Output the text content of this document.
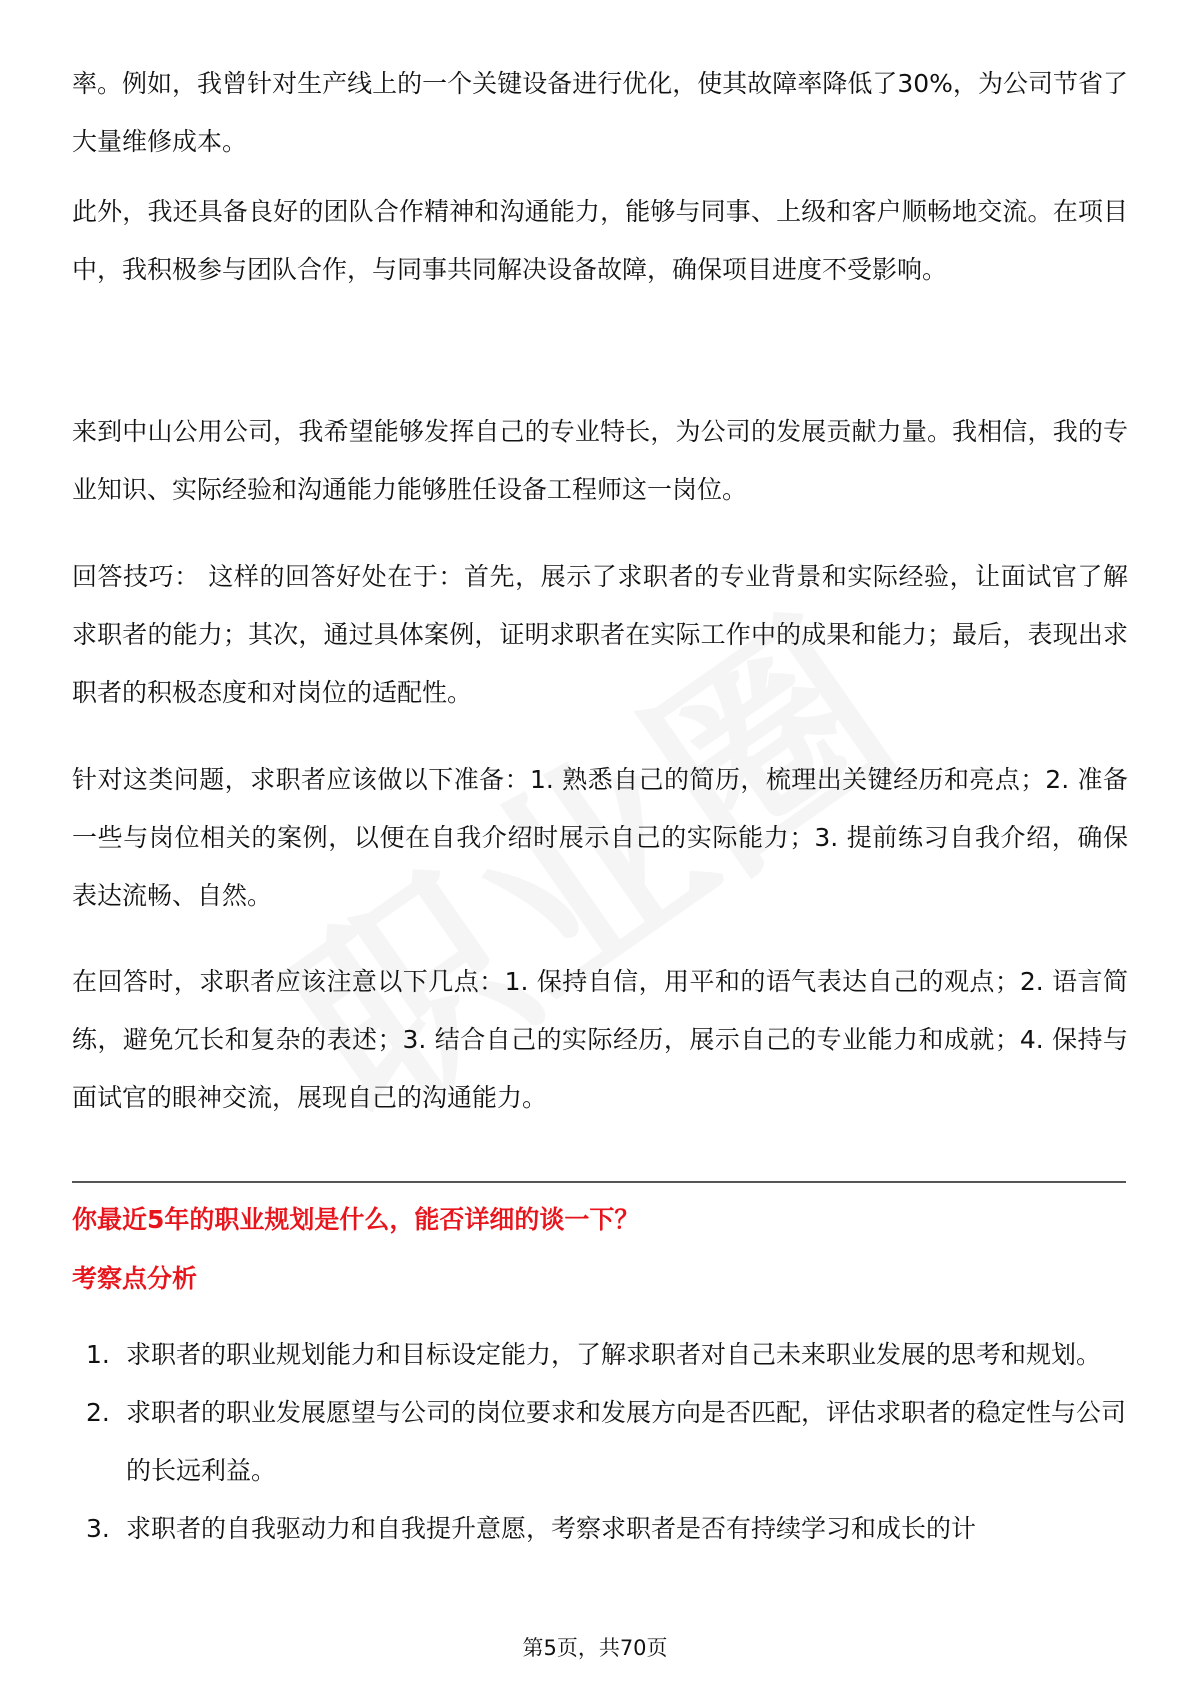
率。例如，我曾针对生产线上的一个关键设备进行优化，使其故障率降低了30%，为公司节省了大量维修成本。
此外，我还具备良好的团队合作精神和沟通能力，能够与同事、上级和客户顺畅地交流。在项目中，我积极参与团队合作，与同事共同解决设备故障，确保项目进度不受影响。
来到中山公用公司，我希望能够发挥自己的专业特长，为公司的发展贡献力量。我相信，我的专业知识、实际经验和沟通能力能够胜任设备工程师这一岗位。
回答技巧： 这样的回答好处在于：首先，展示了求职者的专业背景和实际经验，让面试官了解求职者的能力；其次，通过具体案例，证明求职者在实际工作中的成果和能力；最后，表现出求职者的积极态度和对岗位的适配性。
针对这类问题，求职者应该做以下准备：1. 熟悉自己的简历，梳理出关键经历和亮点；2. 准备一些与岗位相关的案例，以便在自我介绍时展示自己的实际能力；3. 提前练习自我介绍，确保表达流畅、自然。
在回答时，求职者应该注意以下几点：1. 保持自信，用平和的语气表达自己的观点；2. 语言简练，避免冗长和复杂的表述；3. 结合自己的实际经历，展示自己的专业能力和成就；4. 保持与面试官的眼神交流，展现自己的沟通能力。
你最近5年的职业规划是什么，能否详细的谈一下？
考察点分析
1. 求职者的职业规划能力和目标设定能力，了解求职者对自己未来职业发展的思考和规划。
2. 求职者的职业发展愿望与公司的岗位要求和发展方向是否匹配，评估求职者的稳定性与公司的长远利益。
3. 求职者的自我驱动力和自我提升意愿，考察求职者是否有持续学习和成长的计
第5页，共70页
